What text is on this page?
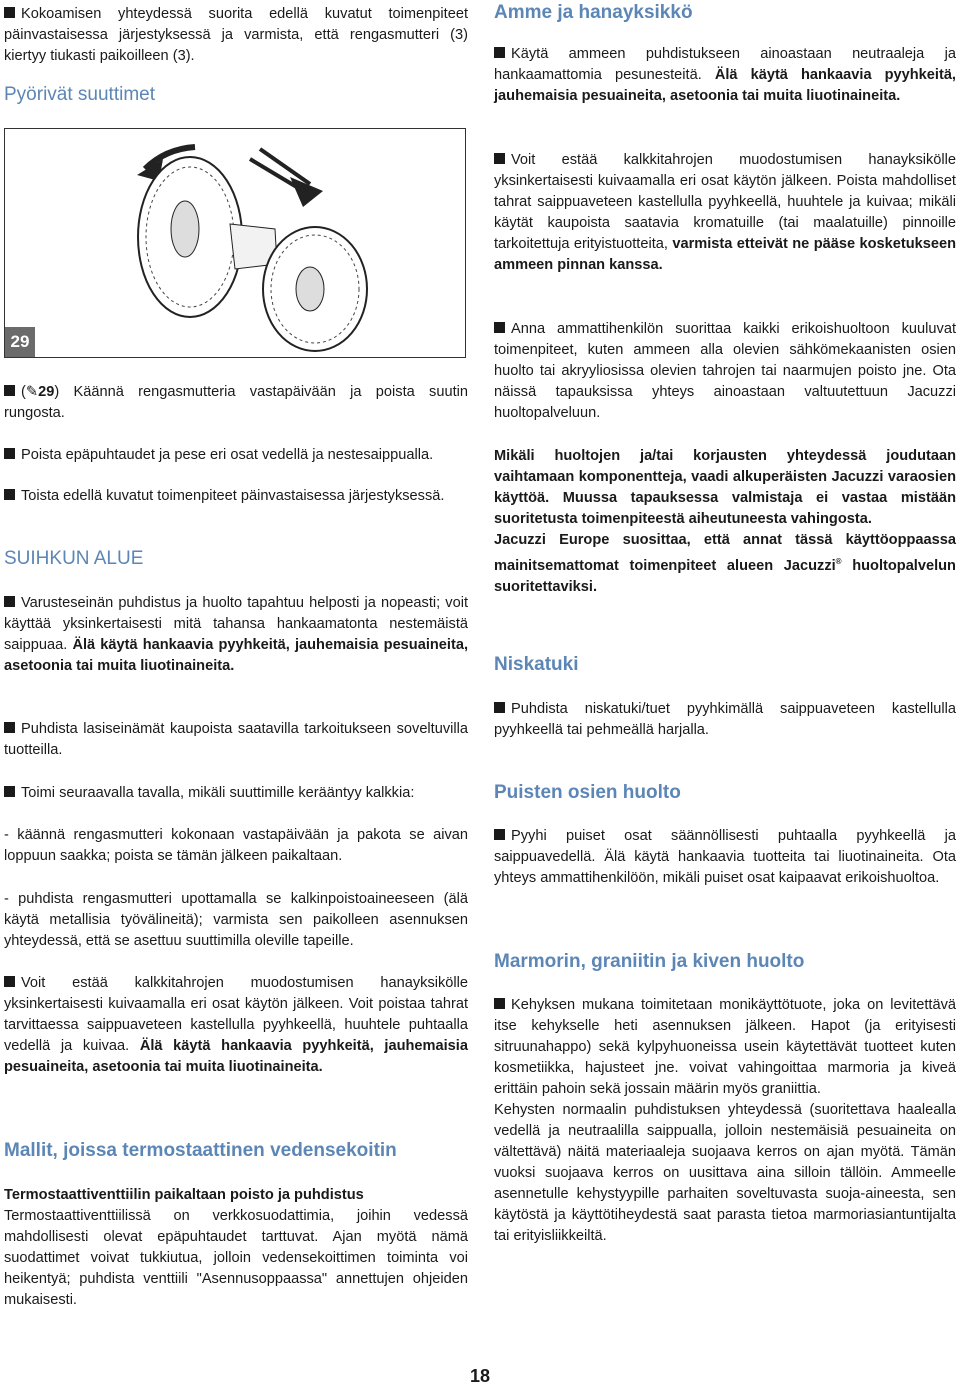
Kokoamisen yhteydessä suorita edellä kuvatut toimenpiteet päinvastaisessa järjestyksessä ja varmista, että rengasmutteri (3) kiertyy tiukasti paikoilleen (3).

Pyörivät suuttimet
29

(✎29) Käännä rengasmutteria vastapäivään ja poista suutin rungosta.

Poista epäpuhtaudet ja pese eri osat vedellä ja nestesaippualla.

Toista edellä kuvatut toimenpiteet päinvastaisessa järjestyksessä.

SUIHKUN ALUE

Varusteseinän puhdistus ja huolto tapahtuu helposti ja nopeasti; voit käyttää yksinkertaisesti mitä tahansa hankaamatonta nestemäistä saippuaa. Älä käytä hankaavia pyyhkeitä, jauhemaisia pesuaineita, asetoonia tai muita liuotinaineita.

Puhdista lasiseinämät kaupoista saatavilla tarkoitukseen soveltuvilla tuotteilla.

Toimi seuraavalla tavalla, mikäli suuttimille kerääntyy kalkkia:

- käännä rengasmutteri kokonaan vastapäivään ja pakota se aivan loppuun saakka; poista se tämän jälkeen paikaltaan.

- puhdista rengasmutteri upottamalla se kalkinpoistoaineeseen (älä käytä metallisia työvälineitä); varmista sen paikolleen asennuksen yhteydessä, että se asettuu suuttimilla oleville tapeille.

Voit estää kalkkitahrojen muodostumisen hanayksikölle yksinkertaisesti kuivaamalla eri osat käytön jälkeen. Voit poistaa tahrat tarvittaessa saippuaveteen kastellulla pyyhkeellä, huuhtele puhtaalla vedellä ja kuivaa. Älä käytä hankaavia pyyhkeitä, jauhemaisia pesuaineita, asetoonia tai muita liuotinaineita.

Mallit, joissa termostaattinen vedensekoitin

Termostaattiventtiilin paikaltaan poisto ja puhdistus
Termostaattiventtiilissä on verkkosuodattimia, joihin vedessä mahdollisesti olevat epäpuhtaudet tarttuvat. Ajan myötä nämä suodattimet voivat tukkiutua, jolloin vedensekoittimen toiminta voi heikentyä; puhdista venttiili "Asennusoppaassa" annettujen ohjeiden mukaisesti.

Amme ja hanayksikkö

Käytä ammeen puhdistukseen ainoastaan neutraaleja ja hankaamattomia pesunesteitä. Älä käytä hankaavia pyyhkeitä, jauhemaisia pesuaineita, asetoonia tai muita liuotinaineita.

Voit estää kalkkitahrojen muodostumisen hanayksikölle yksinkertaisesti kuivaamalla eri osat käytön jälkeen. Poista mahdolliset tahrat saippuaveteen kastellulla pyyhkeellä, huuhtele ja kuivaa; mikäli käytät kaupoista saatavia kromatuille (tai maalatuille) pinnoille tarkoitettuja erityistuotteita, varmista etteivät ne pääse kosketukseen ammeen pinnan kanssa.

Anna ammattihenkilön suorittaa kaikki erikoishuoltoon kuuluvat toimenpiteet, kuten ammeen alla olevien sähkömekaanisten osien huolto tai akryyliosissa olevien tahrojen tai naarmujen poisto jne. Ota näissä tapauksissa yhteys ainoastaan valtuutettuun Jacuzzi huoltopalveluun.

Mikäli huoltojen ja/tai korjausten yhteydessä joudutaan vaihtamaan komponentteja, vaadi alkuperäisten Jacuzzi varaosien käyttöä. Muussa tapauksessa valmistaja ei vastaa mistään suoritetusta toimenpiteestä aiheutuneesta vahingosta.
Jacuzzi Europe suosittaa, että annat tässä käyttöoppaassa mainitsemattomat toimenpiteet alueen Jacuzzi® huoltopalvelun suoritettaviksi.

Niskatuki

Puhdista niskatuki/tuet pyyhkimällä saippuaveteen kastellulla pyyhkeellä tai pehmeällä harjalla.

Puisten osien huolto

Pyyhi puiset osat säännöllisesti puhtaalla pyyhkeellä ja saippuavedellä. Älä käytä hankaavia tuotteita tai liuotinaineita. Ota yhteys ammattihenkilöön, mikäli puiset osat kaipaavat erikoishuoltoa.

Marmorin, graniitin ja kiven huolto

Kehyksen mukana toimitetaan monikäyttötuote, joka on levitettävä itse kehykselle heti asennuksen jälkeen. Hapot (ja erityisesti sitruunahappo) sekä kylpyhuoneissa usein käytettävät tuotteet kuten kosmetiikka, hajusteet jne. voivat vahingoittaa marmoria ja kiveä erittäin pahoin sekä jossain määrin myös graniittia.
Kehysten normaalin puhdistuksen yhteydessä (suoritettava haalealla vedellä ja neutraalilla saippualla, jolloin nestemäisiä pesuaineita on vältettävä) näitä materiaaleja suojaava kerros on ajan myötä. Tämän vuoksi suojaava kerros on uusittava aina silloin tällöin. Ammeelle asennetulle kehystyypille parhaiten soveltuvasta suoja-aineesta, sen käytöstä ja käyttötiheydestä saat parasta tietoa marmoriasiantuntijalta tai erityisliikkeiltä.

18
